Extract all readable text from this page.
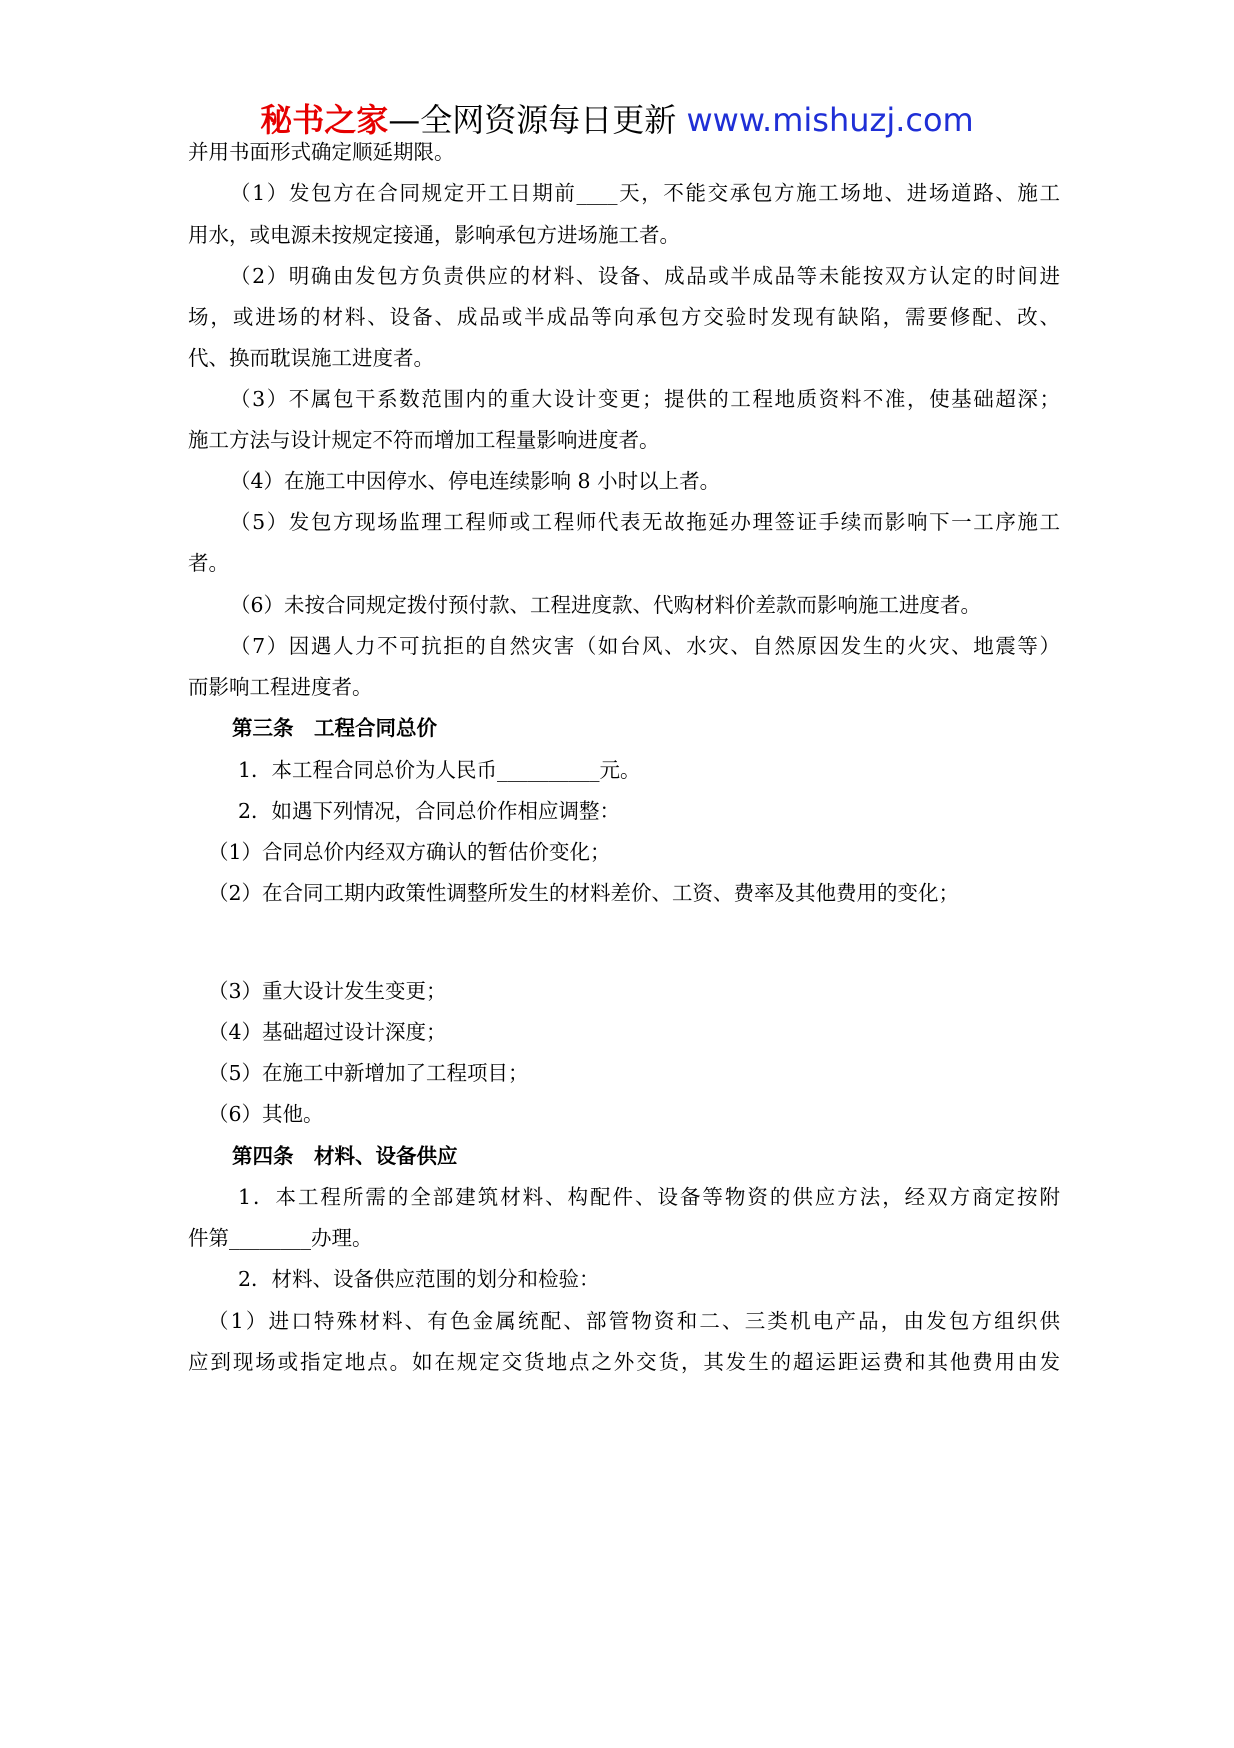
秘书之家—全网资源每日更新 www.mishuzj.com
并用书面形式确定顺延期限。
（1）发包方在合同规定开工日期前____天，不能交承包方施工场地、进场道路、施工
用水，或电源未按规定接通，影响承包方进场施工者。
（2）明确由发包方负责供应的材料、设备、成品或半成品等未能按双方认定的时间进
场，或进场的材料、设备、成品或半成品等向承包方交验时发现有缺陷，需要修配、改、
代、换而耽误施工进度者。
（3）不属包干系数范围内的重大设计变更；提供的工程地质资料不准，使基础超深；
施工方法与设计规定不符而增加工程量影响进度者。
（4）在施工中因停水、停电连续影响 8 小时以上者。
（5）发包方现场监理工程师或工程师代表无故拖延办理签证手续而影响下一工序施工
者。
（6）未按合同规定拨付预付款、工程进度款、代购材料价差款而影响施工进度者。
（7）因遇人力不可抗拒的自然灾害（如台风、水灾、自然原因发生的火灾、地震等）
而影响工程进度者。
第三条　工程合同总价
1．本工程合同总价为人民币__________元。
2．如遇下列情况，合同总价作相应调整：
（1）合同总价内经双方确认的暂估价变化；
（2）在合同工期内政策性调整所发生的材料差价、工资、费率及其他费用的变化；
（3）重大设计发生变更；
（4）基础超过设计深度；
（5）在施工中新增加了工程项目；
（6）其他。
第四条　材料、设备供应
1．本工程所需的全部建筑材料、构配件、设备等物资的供应方法，经双方商定按附
件第________办理。
2．材料、设备供应范围的划分和检验：
（1）进口特殊材料、有色金属统配、部管物资和二、三类机电产品，由发包方组织供
应到现场或指定地点。如在规定交货地点之外交货，其发生的超运距运费和其他费用由发
